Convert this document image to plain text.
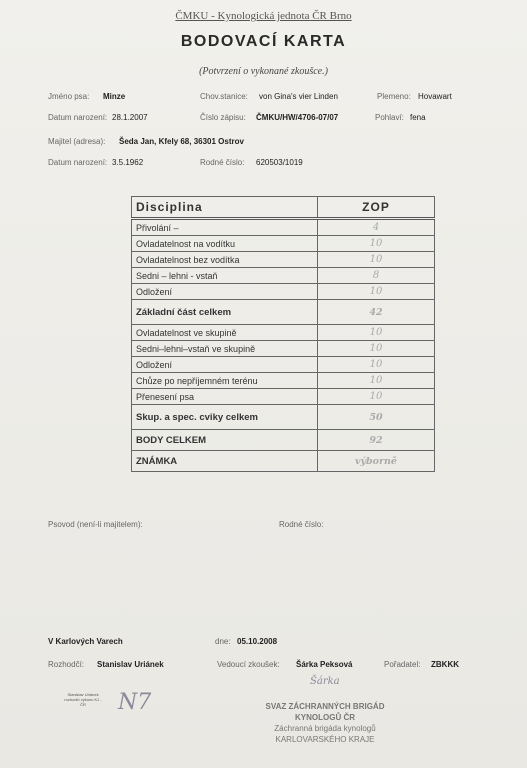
ČMKU - Kynologická jednota ČR Brno
BODOVACÍ KARTA
(Potvrzení o vykonané zkoušce.)
Jméno psa: Minze	Chov.stanice: von Gina's vier Linden	Plemeno: Hovawart
Datum narození: 28.1.2007	Číslo zápisu: ČMKU/HW/4706-07/07	Pohlaví: fena
Majitel (adresa): Šeda Jan, Kfely 68, 36301 Ostrov
Datum narození: 3.5.1962	Rodné číslo: 620503/1019
Disciplina	ZOP
Přivolání –	4
Ovladatelnost na vodítku	10
Ovladatelnost bez vodítka	10
Sedni – lehni - vstaň	8
Odložení	10
Základní část celkem	42
Ovladatelnost ve skupině	10
Sedni–lehni–vstaň ve skupině	10
Odložení	10
Chůze po nepříjemném terénu	10
Přenesení psa	10
Skup. a spec. cviky celkem	50
BODY CELKEM	92
ZNÁMKA	výborně
Psovod (není-li majitelem):	Rodné číslo:
V Karlových Varech	dne: 05.10.2008
Rozhodčí: Stanislav Uriánek	Vedoucí zkoušek: Šárka Peksová	Pořadatel: ZBKKK
Stanislav Uriánek rozhodčí výkonu KJ - ČR	N7
Šárka
SVAZ ZÁCHRANNÝCH BRIGÁD
KYNOLOGŮ ČR
Záchranná brigáda kynologů
KARLOVARSKÉHO KRAJE
